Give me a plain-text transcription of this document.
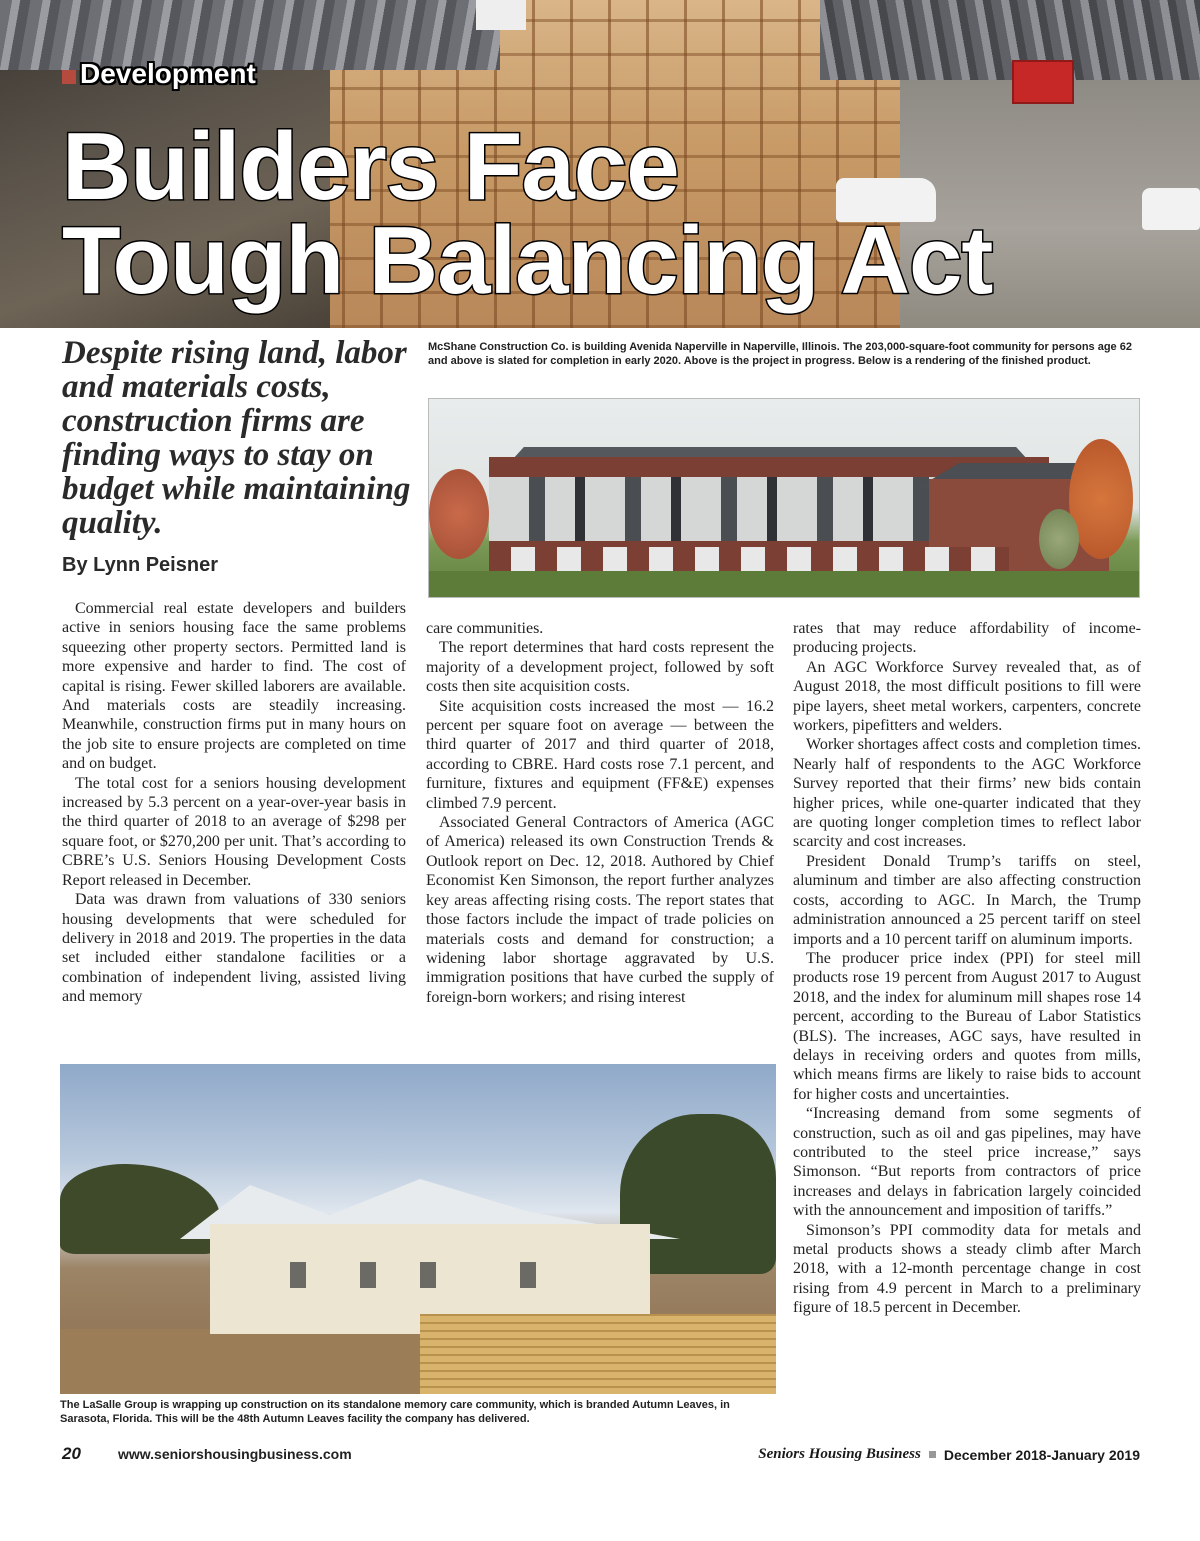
Development
Builders Face
Tough Balancing Act
Despite rising land, labor and materials costs, construction firms are finding ways to stay on budget while maintaining quality.
By Lynn Peisner
McShane Construction Co. is building Avenida Naperville in Naperville, Illinois. The 203,000-square-foot community for persons age 62 and above is slated for completion in early 2020. Above is the project in progress. Below is a rendering of the finished product.

Commercial real estate developers and builders active in seniors housing face the same problems squeezing other property sectors. Permitted land is more expensive and harder to find. The cost of capital is rising. Fewer skilled laborers are available. And materials costs are steadily increasing. Meanwhile, construction firms put in many hours on the job site to ensure projects are completed on time and on budget.

The total cost for a seniors housing development increased by 5.3 percent on a year-over-year basis in the third quarter of 2018 to an average of $298 per square foot, or $270,200 per unit. That’s according to CBRE’s U.S. Seniors Housing Development Costs Report released in December.

Data was drawn from valuations of 330 seniors housing developments that were scheduled for delivery in 2018 and 2019. The properties in the data set included either standalone facilities or a combination of independent living, assisted living and memory

care communities.

The report determines that hard costs represent the majority of a development project, followed by soft costs then site acquisition costs.

Site acquisition costs increased the most — 16.2 percent per square foot on average — between the third quarter of 2017 and third quarter of 2018, according to CBRE. Hard costs rose 7.1 percent, and furniture, fixtures and equipment (FF&E) expenses climbed 7.9 percent.

Associated General Contractors of America (AGC of America) released its own Construction Trends & Outlook report on Dec. 12, 2018. Authored by Chief Economist Ken Simonson, the report further analyzes key areas affecting rising costs. The report states that those factors include the impact of trade policies on materials costs and demand for construction; a widening labor shortage aggravated by U.S. immigration positions that have curbed the supply of foreign-born workers; and rising interest

rates that may reduce affordability of income-producing projects.

An AGC Workforce Survey revealed that, as of August 2018, the most difficult positions to fill were pipe layers, sheet metal workers, carpenters, concrete workers, pipefitters and welders.

Worker shortages affect costs and completion times. Nearly half of respondents to the AGC Workforce Survey reported that their firms’ new bids contain higher prices, while one-quarter indicated that they are quoting longer completion times to reflect labor scarcity and cost increases.

President Donald Trump’s tariffs on steel, aluminum and timber are also affecting construction costs, according to AGC. In March, the Trump administration announced a 25 percent tariff on steel imports and a 10 percent tariff on aluminum imports.

The producer price index (PPI) for steel mill products rose 19 percent from August 2017 to August 2018, and the index for aluminum mill shapes rose 14 percent, according to the Bureau of Labor Statistics (BLS). The increases, AGC says, have resulted in delays in receiving orders and quotes from mills, which means firms are likely to raise bids to account for higher costs and uncertainties.

“Increasing demand from some segments of construction, such as oil and gas pipelines, may have contributed to the steel price increase,” says Simonson. “But reports from contractors of price increases and delays in fabrication largely coincided with the announcement and imposition of tariffs.”

Simonson’s PPI commodity data for metals and metal products shows a steady climb after March 2018, with a 12-month percentage change in cost rising from 4.9 percent in March to a preliminary figure of 18.5 percent in December.

The LaSalle Group is wrapping up construction on its standalone memory care community, which is branded Autumn Leaves, in Sarasota, Florida. This will be the 48th Autumn Leaves facility the company has delivered.
20	www.seniorshousingbusiness.com	Seniors Housing Business December 2018-January 2019
